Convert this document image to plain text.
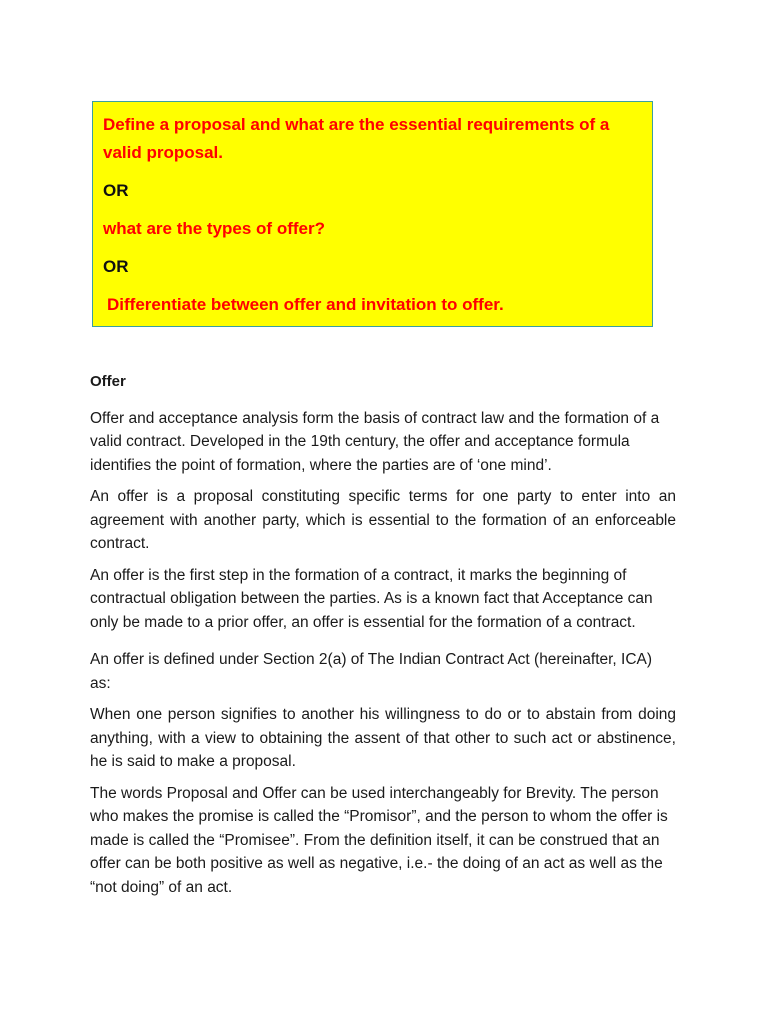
Define a proposal and what are the essential requirements of a valid proposal.

OR

what are the types of offer?

OR

Differentiate between offer and invitation to offer.

Offer

Offer and acceptance analysis form the basis of contract law and the formation of a valid contract. Developed in the 19th century, the offer and acceptance formula identifies the point of formation, where the parties are of ‘one mind’.

An offer is a proposal constituting specific terms for one party to enter into an agreement with another party, which is essential to the formation of an enforceable contract.

An offer is the first step in the formation of a contract, it marks the beginning of contractual obligation between the parties. As is a known fact that Acceptance can only be made to a prior offer, an offer is essential for the formation of a contract.

An offer is defined under Section 2(a) of The Indian Contract Act (hereinafter, ICA) as:

When one person signifies to another his willingness to do or to abstain from doing anything, with a view to obtaining the assent of that other to such act or abstinence, he is said to make a proposal.

The words Proposal and Offer can be used interchangeably for Brevity. The person who makes the promise is called the “Promisor”, and the person to whom the offer is made is called the “Promisee”. From the definition itself, it can be construed that an offer can be both positive as well as negative, i.e.- the doing of an act as well as the “not doing” of an act.
